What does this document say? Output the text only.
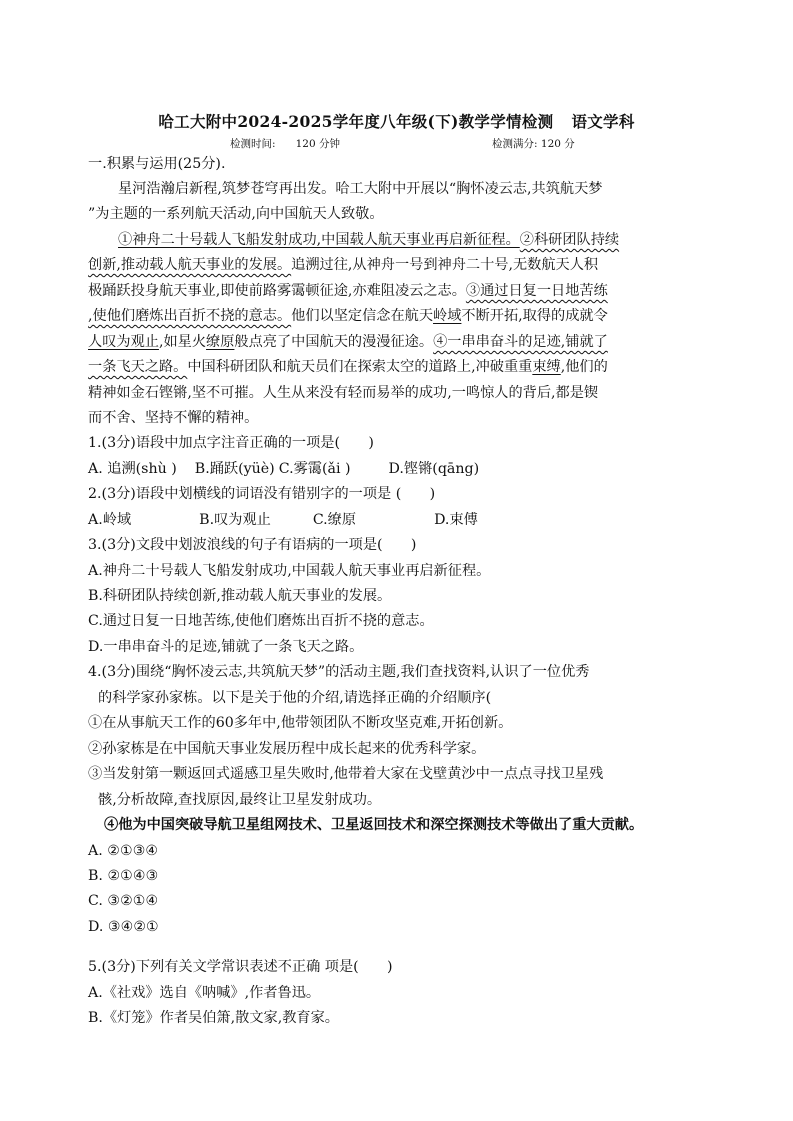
哈工大附中2024-2025学年度八年级(下)教学学情检测 语文学科
检测时间: 120 分钟	检测满分: 120 分
一.积累与运用(25分).
星河浩瀚启新程,筑梦苍穹再出发。哈工大附中开展以“胸怀凌云志,共筑航天梦
”为主题的一系列航天活动,向中国航天人致敬。
①神舟二十号载人飞船发射成功,中国载人航天事业再启新征程。②科研团队持续
创新,推动载人航天事业的发展。追溯过往,从神舟一号到神舟二十号,无数航天人积
极踊跃投身航天事业,即使前路雾霭顿征途,亦难阻凌云之志。③通过日复一日地苦练
,使他们磨炼出百折不挠的意志。他们以坚定信念在航天岭域不断开拓,取得的成就令
人叹为观止,如星火缭原般点亮了中国航天的漫漫征途。④一串串奋斗的足迹,铺就了
一条飞天之路。中国科研团队和航天员们在探索太空的道路上,冲破重重束缚,他们的
精神如金石铿锵,坚不可摧。人生从来没有轻而易举的成功,一鸣惊人的背后,都是锲
而不舍、坚持不懈的精神。
1.(3分)语段中加点字注音正确的一项是(　　)
A. 追溯(shù ) B.踊跃(yüè) C.雾霭(ǎi )	D.铿锵(qāng)
2.(3分)语段中划横线的词语没有错别字的一项是 (　　)
A.岭域	B.叹为观止	C.缭原	D.束傅
3.(3分)文段中划波浪线的句子有语病的一项是(　　)
A.神舟二十号载人飞船发射成功,中国载人航天事业再启新征程。
B.科研团队持续创新,推动载人航天事业的发展。
C.通过日复一日地苦练,使他们磨炼出百折不挠的意志。
D.一串串奋斗的足迹,铺就了一条飞天之路。
4.(3分)围绕“胸怀凌云志,共筑航天梦”的活动主题,我们查找资料,认识了一位优秀
的科学家孙家栋。以下是关于他的介绍,请选择正确的介绍顺序(
①在从事航天工作的60多年中,他带领团队不断攻坚克难,开拓创新。
②孙家栋是在中国航天事业发展历程中成长起来的优秀科学家。
③当发射第一颗返回式遥感卫星失败时,他带着大家在戈壁黄沙中一点点寻找卫星残
骸,分析故障,查找原因,最终让卫星发射成功。
④他为中国突破导航卫星组网技术、卫星返回技术和深空探测技术等做出了重大贡献。
A. ②①③④
B. ②①④③
C. ③②①④
D. ③④②①
5.(3分)下列有关文学常识表述不正确 项是(　　)
A.《社戏》选自《呐喊》,作者鲁迅。
B.《灯笼》作者吴伯箫,散文家,教育家。
